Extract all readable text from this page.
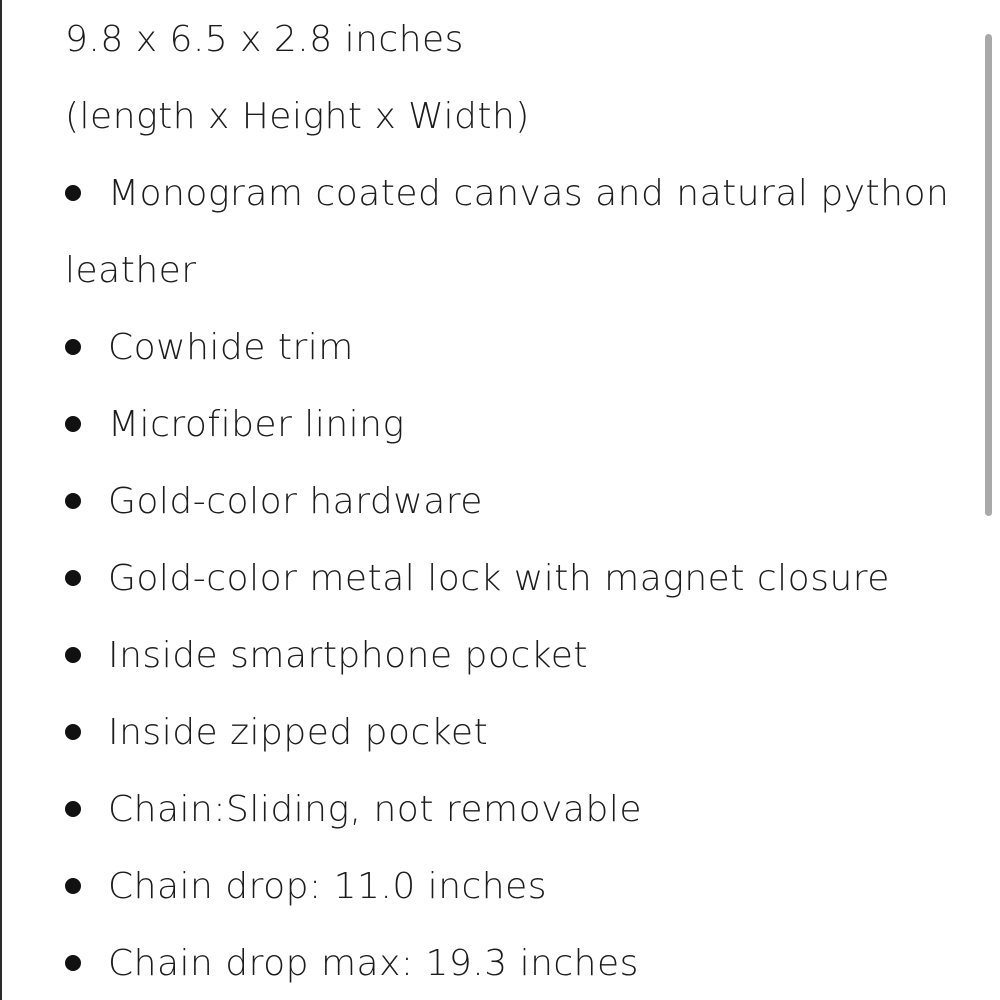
9.8 x 6.5 x 2.8 inches
(length x Height x Width)
Monogram coated canvas and natural python
leather
Cowhide trim
Microfiber lining
Gold-color hardware
Gold-color metal lock with magnet closure
Inside smartphone pocket
Inside zipped pocket
Chain:Sliding, not removable
Chain drop: 11.0 inches
Chain drop max: 19.3 inches
